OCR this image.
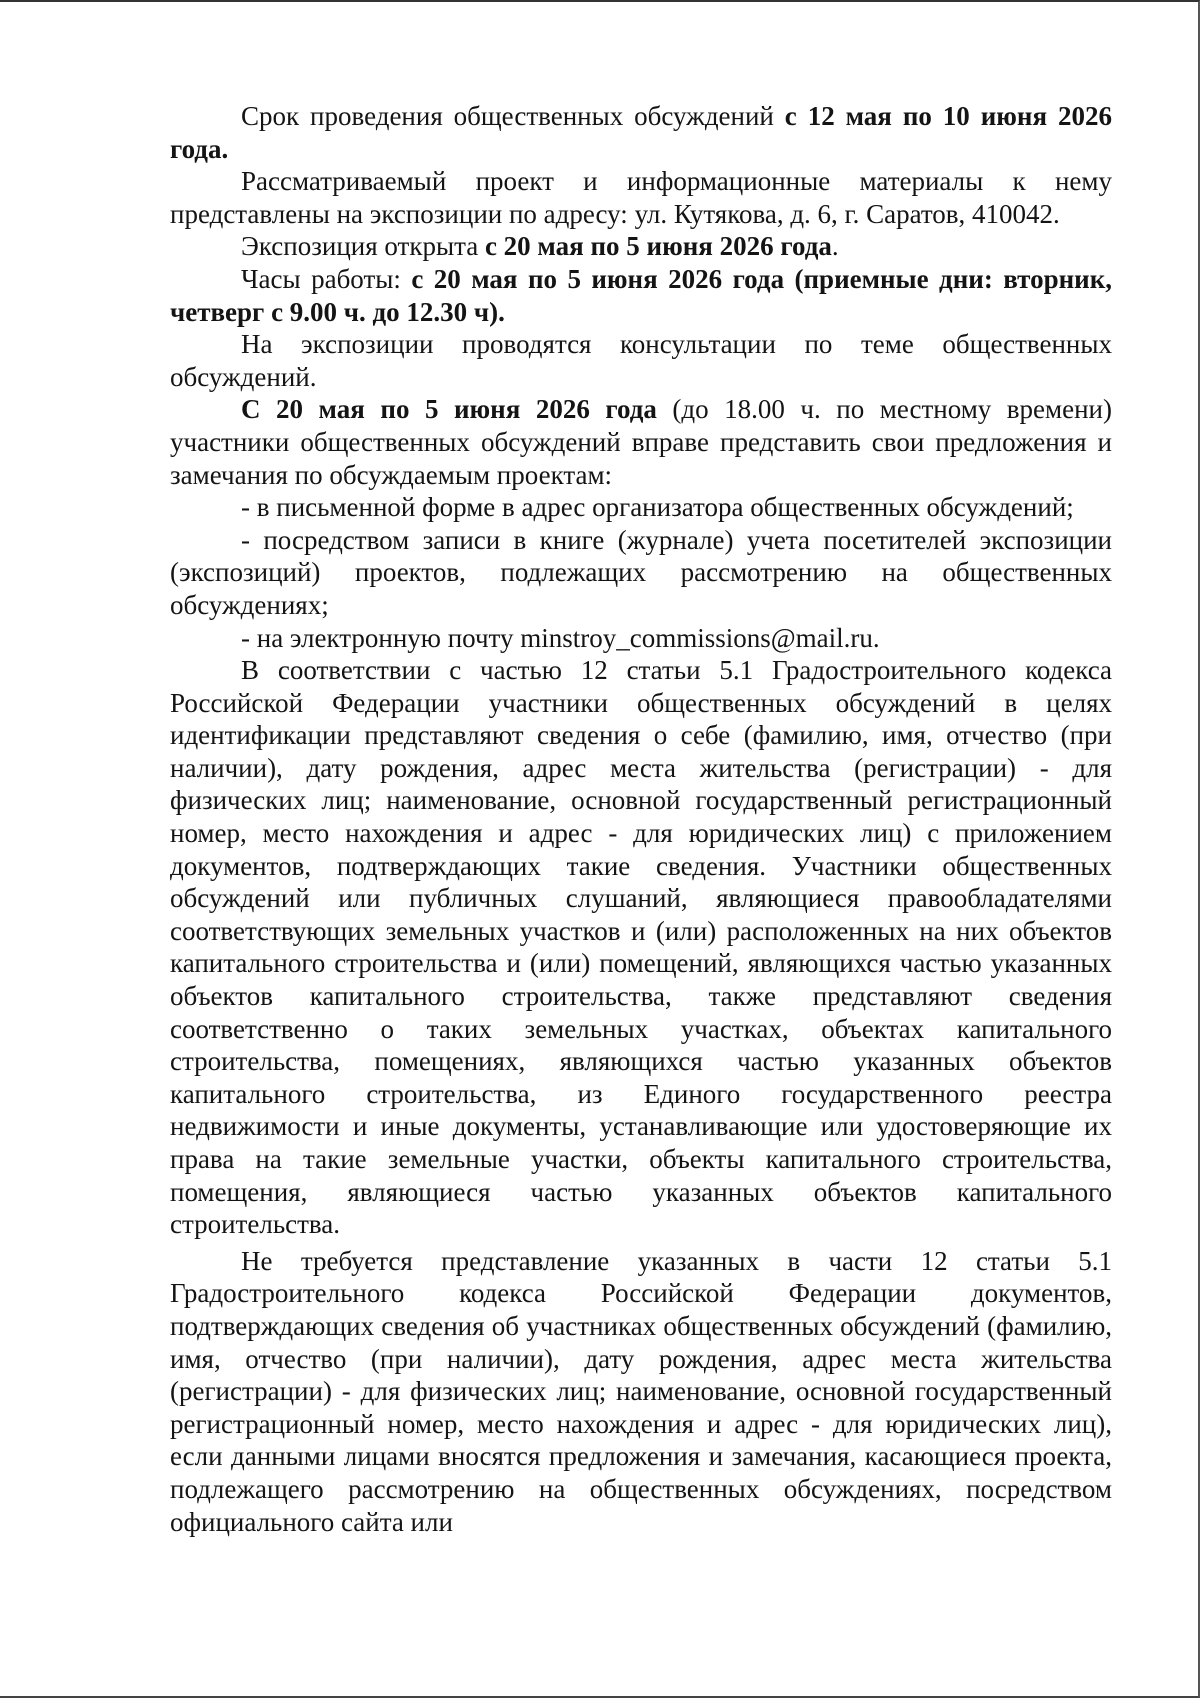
Срок проведения общественных обсуждений с 12 мая по 10 июня 2026 года.

Рассматриваемый проект и информационные материалы к нему представлены на экспозиции по адресу: ул. Кутякова, д. 6, г. Саратов, 410042.

Экспозиция открыта с 20 мая по 5 июня 2026 года.

Часы работы: с 20 мая по 5 июня 2026 года (приемные дни: вторник, четверг с 9.00 ч. до 12.30 ч).

На экспозиции проводятся консультации по теме общественных обсуждений.

С 20 мая по 5 июня 2026 года (до 18.00 ч. по местному времени) участники общественных обсуждений вправе представить свои предложения и замечания по обсуждаемым проектам:

- в письменной форме в адрес организатора общественных обсуждений;

- посредством записи в книге (журнале) учета посетителей экспозиции (экспозиций) проектов, подлежащих рассмотрению на общественных обсуждениях;

- на электронную почту minstroy_commissions@mail.ru.

В соответствии с частью 12 статьи 5.1 Градостроительного кодекса Российской Федерации участники общественных обсуждений в целях идентификации представляют сведения о себе (фамилию, имя, отчество (при наличии), дату рождения, адрес места жительства (регистрации) - для физических лиц; наименование, основной государственный регистрационный номер, место нахождения и адрес - для юридических лиц) с приложением документов, подтверждающих такие сведения. Участники общественных обсуждений или публичных слушаний, являющиеся правообладателями соответствующих земельных участков и (или) расположенных на них объектов капитального строительства и (или) помещений, являющихся частью указанных объектов капитального строительства, также представляют сведения соответственно о таких земельных участках, объектах капитального строительства, помещениях, являющихся частью указанных объектов капитального строительства, из Единого государственного реестра недвижимости и иные документы, устанавливающие или удостоверяющие их права на такие земельные участки, объекты капитального строительства, помещения, являющиеся частью указанных объектов капитального строительства.

Не требуется представление указанных в части 12 статьи 5.1 Градостроительного кодекса Российской Федерации документов, подтверждающих сведения об участниках общественных обсуждений (фамилию, имя, отчество (при наличии), дату рождения, адрес места жительства (регистрации) - для физических лиц; наименование, основной государственный регистрационный номер, место нахождения и адрес - для юридических лиц), если данными лицами вносятся предложения и замечания, касающиеся проекта, подлежащего рассмотрению на общественных обсуждениях, посредством официального сайта или
